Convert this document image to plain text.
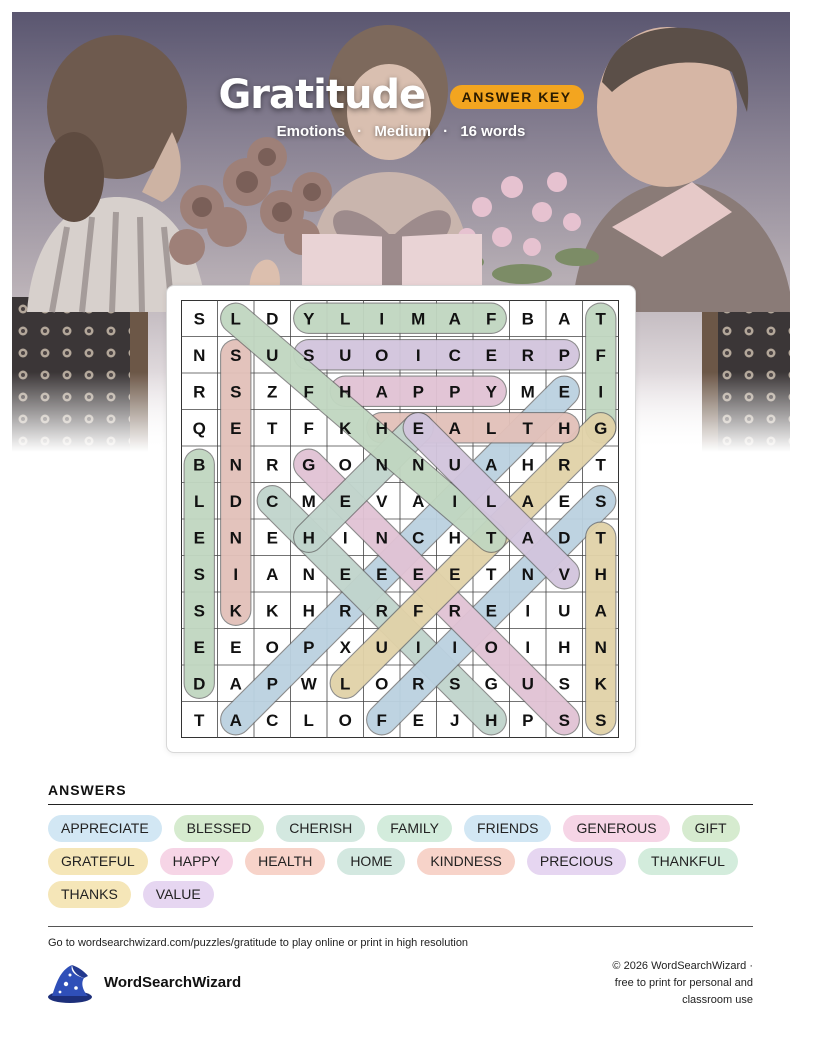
Gratitude	ANSWER KEY
Emotions · Medium · 16 words
S L D Y L I M A F B A T
N S U S U O I C E R P F
R S Z F H A P P Y M E I
Q E T F K H E A L T H G
B N R G O N N U A H R T
L D C M E V A I L A E S
E N E H I N C H T A D T
S I A N E E E E T N V H
S K K H R R F R E I U A
E E O P X U I I O I H N
D A P W L O R S G U S K
T A C L O F E J H P S S
ANSWERS
APPRECIATE	BLESSED	CHERISH	FAMILY	FRIENDS	GENEROUS	GIFT
GRATEFUL	HAPPY	HEALTH	HOME	KINDNESS	PRECIOUS	THANKFUL
THANKS	VALUE
Go to wordsearchwizard.com/puzzles/gratitude to play online or print in high resolution
WordSearchWizard
© 2026 WordSearchWizard ·
free to print for personal and
classroom use
